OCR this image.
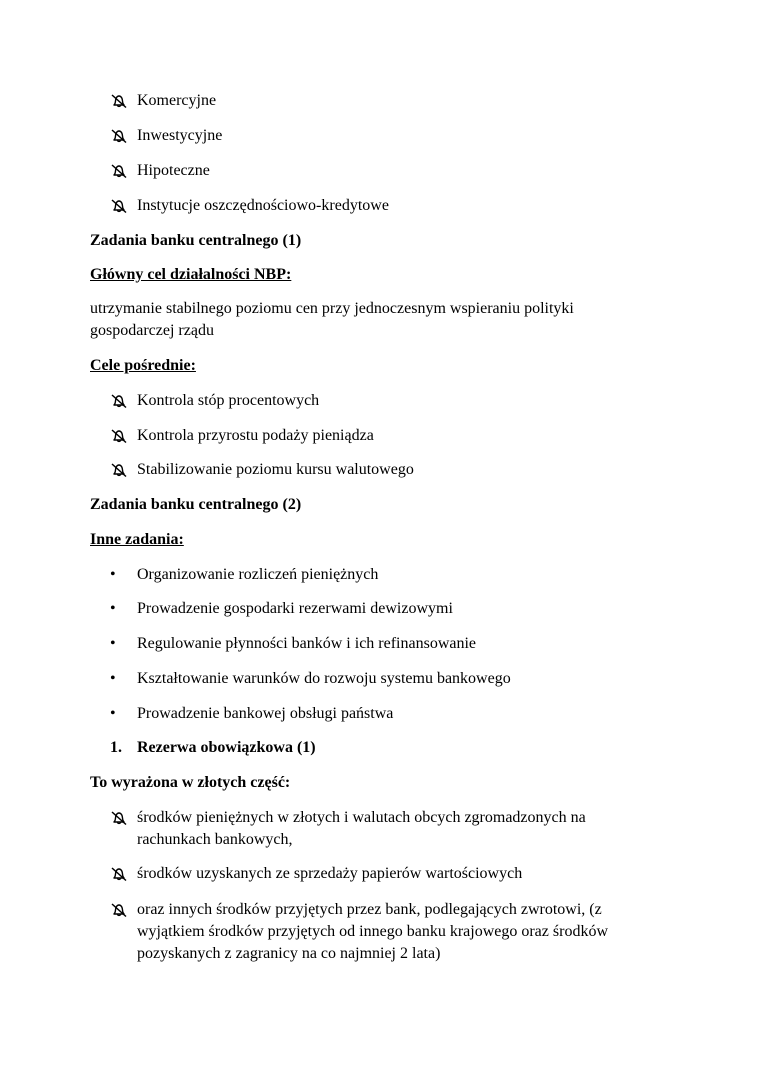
Komercyjne
Inwestycyjne
Hipoteczne
Instytucje oszczędnościowo-kredytowe
Zadania banku centralnego (1)
Główny cel działalności NBP:
utrzymanie stabilnego poziomu cen przy jednoczesnym wspieraniu polityki
gospodarczej rządu
Cele pośrednie:
Kontrola stóp procentowych
Kontrola przyrostu podaży pieniądza
Stabilizowanie poziomu kursu walutowego
Zadania banku centralnego (2)
Inne zadania:
•	Organizowanie rozliczeń pieniężnych
•	Prowadzenie gospodarki rezerwami dewizowymi
•	Regulowanie płynności banków i ich refinansowanie
•	Kształtowanie warunków do rozwoju systemu bankowego
•	Prowadzenie bankowej obsługi państwa
1. Rezerwa obowiązkowa (1)
To wyrażona w złotych część:
środków pieniężnych w złotych i walutach obcych zgromadzonych na rachunkach bankowych,
środków uzyskanych ze sprzedaży papierów wartościowych
oraz innych środków przyjętych przez bank, podlegających zwrotowi, (z wyjątkiem środków przyjętych od innego banku krajowego oraz środków pozyskanych z zagranicy na co najmniej 2 lata)
